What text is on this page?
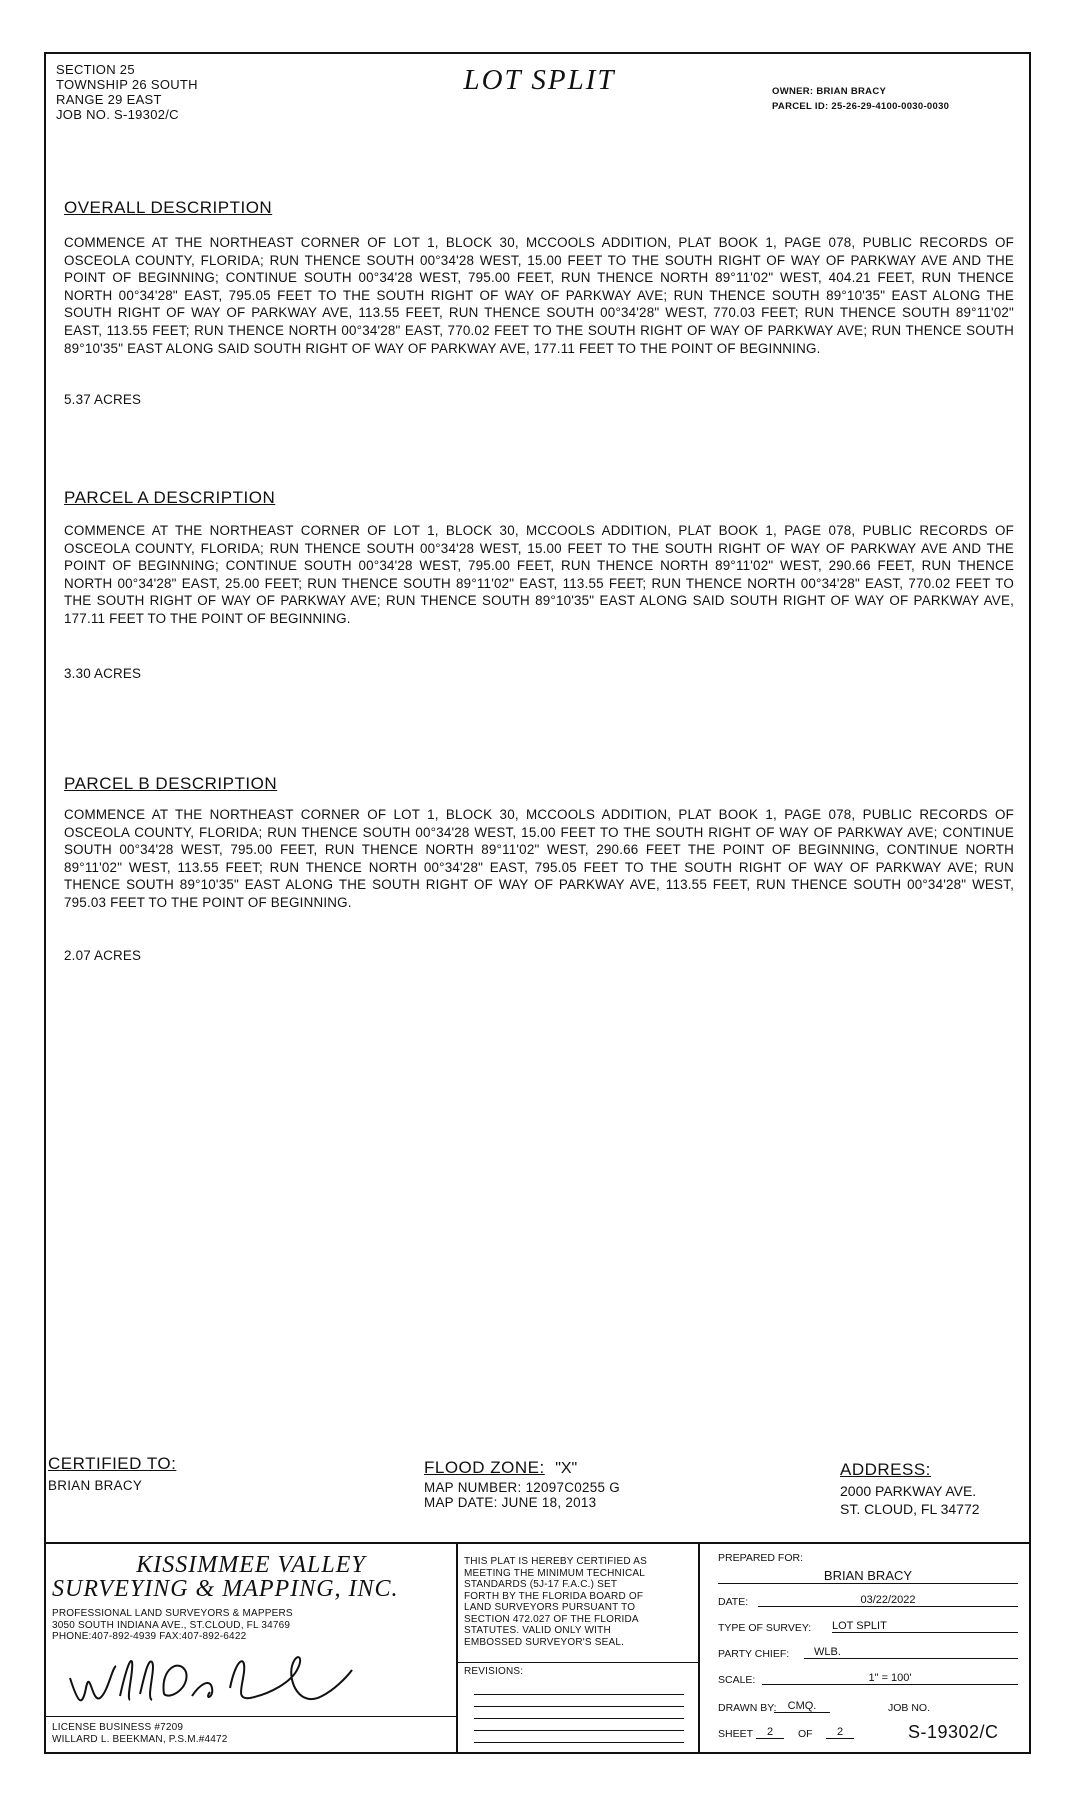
SECTION 25
TOWNSHIP 26 SOUTH
RANGE 29 EAST
JOB NO. S-19302/C
LOT SPLIT	OWNER: BRIAN BRACY
PARCEL ID: 25-26-29-4100-0030-0030
OVERALL DESCRIPTION
COMMENCE AT THE NORTHEAST CORNER OF LOT 1, BLOCK 30, MCCOOLS ADDITION, PLAT BOOK 1, PAGE 078, PUBLIC RECORDS OF OSCEOLA COUNTY, FLORIDA; RUN THENCE SOUTH 00°34'28 WEST, 15.00 FEET TO THE SOUTH RIGHT OF WAY OF PARKWAY AVE AND THE POINT OF BEGINNING; CONTINUE SOUTH 00°34'28 WEST, 795.00 FEET, RUN THENCE NORTH 89°11'02" WEST, 404.21 FEET, RUN THENCE NORTH 00°34'28" EAST, 795.05 FEET TO THE SOUTH RIGHT OF WAY OF PARKWAY AVE; RUN THENCE SOUTH 89°10'35" EAST ALONG THE SOUTH RIGHT OF WAY OF PARKWAY AVE, 113.55 FEET, RUN THENCE SOUTH 00°34'28" WEST, 770.03 FEET; RUN THENCE SOUTH 89°11'02" EAST, 113.55 FEET; RUN THENCE NORTH 00°34'28" EAST, 770.02 FEET TO THE SOUTH RIGHT OF WAY OF PARKWAY AVE; RUN THENCE SOUTH 89°10'35" EAST ALONG SAID SOUTH RIGHT OF WAY OF PARKWAY AVE, 177.11 FEET TO THE POINT OF BEGINNING.
5.37 ACRES
PARCEL A DESCRIPTION
COMMENCE AT THE NORTHEAST CORNER OF LOT 1, BLOCK 30, MCCOOLS ADDITION, PLAT BOOK 1, PAGE 078, PUBLIC RECORDS OF OSCEOLA COUNTY, FLORIDA; RUN THENCE SOUTH 00°34'28 WEST, 15.00 FEET TO THE SOUTH RIGHT OF WAY OF PARKWAY AVE AND THE POINT OF BEGINNING; CONTINUE SOUTH 00°34'28 WEST, 795.00 FEET, RUN THENCE NORTH 89°11'02" WEST, 290.66 FEET, RUN THENCE NORTH 00°34'28" EAST, 25.00 FEET; RUN THENCE SOUTH 89°11'02" EAST, 113.55 FEET; RUN THENCE NORTH 00°34'28" EAST, 770.02 FEET TO THE SOUTH RIGHT OF WAY OF PARKWAY AVE; RUN THENCE SOUTH 89°10'35" EAST ALONG SAID SOUTH RIGHT OF WAY OF PARKWAY AVE, 177.11 FEET TO THE POINT OF BEGINNING.
3.30 ACRES
PARCEL B DESCRIPTION
COMMENCE AT THE NORTHEAST CORNER OF LOT 1, BLOCK 30, MCCOOLS ADDITION, PLAT BOOK 1, PAGE 078, PUBLIC RECORDS OF OSCEOLA COUNTY, FLORIDA; RUN THENCE SOUTH 00°34'28 WEST, 15.00 FEET TO THE SOUTH RIGHT OF WAY OF PARKWAY AVE; CONTINUE SOUTH 00°34'28 WEST, 795.00 FEET, RUN THENCE NORTH 89°11'02" WEST, 290.66 FEET THE POINT OF BEGINNING, CONTINUE NORTH 89°11'02" WEST, 113.55 FEET; RUN THENCE NORTH 00°34'28" EAST, 795.05 FEET TO THE SOUTH RIGHT OF WAY OF PARKWAY AVE; RUN THENCE SOUTH 89°10'35" EAST ALONG THE SOUTH RIGHT OF WAY OF PARKWAY AVE, 113.55 FEET, RUN THENCE SOUTH 00°34'28" WEST, 795.03 FEET TO THE POINT OF BEGINNING.
2.07 ACRES
CERTIFIED TO:
BRIAN BRACY
FLOOD ZONE: "X"
MAP NUMBER: 12097C0255 G
MAP DATE: JUNE 18, 2013
ADDRESS:
2000 PARKWAY AVE.
ST. CLOUD, FL 34772
KISSIMMEE VALLEY
SURVEYING & MAPPING, INC.
PROFESSIONAL LAND SURVEYORS & MAPPERS
3050 SOUTH INDIANA AVE., ST.CLOUD, FL 34769
PHONE:407-892-4939 FAX:407-892-6422
LICENSE BUSINESS #7209
WILLARD L. BEEKMAN, P.S.M.#4472
THIS PLAT IS HEREBY CERTIFIED AS
MEETING THE MINIMUM TECHNICAL
STANDARDS (5J-17 F.A.C.) SET
FORTH BY THE FLORIDA BOARD OF
LAND SURVEYORS PURSUANT TO
SECTION 472.027 OF THE FLORIDA
STATUTES. VALID ONLY WITH
EMBOSSED SURVEYOR'S SEAL.
REVISIONS:
PREPARED FOR:
BRIAN BRACY
DATE:	03/22/2022
TYPE OF SURVEY: LOT SPLIT
PARTY CHIEF:	WLB.
SCALE:	1" = 100'
DRAWN BY:	CMQ.	JOB NO.
SHEET	2	OF	2	S-19302/C
